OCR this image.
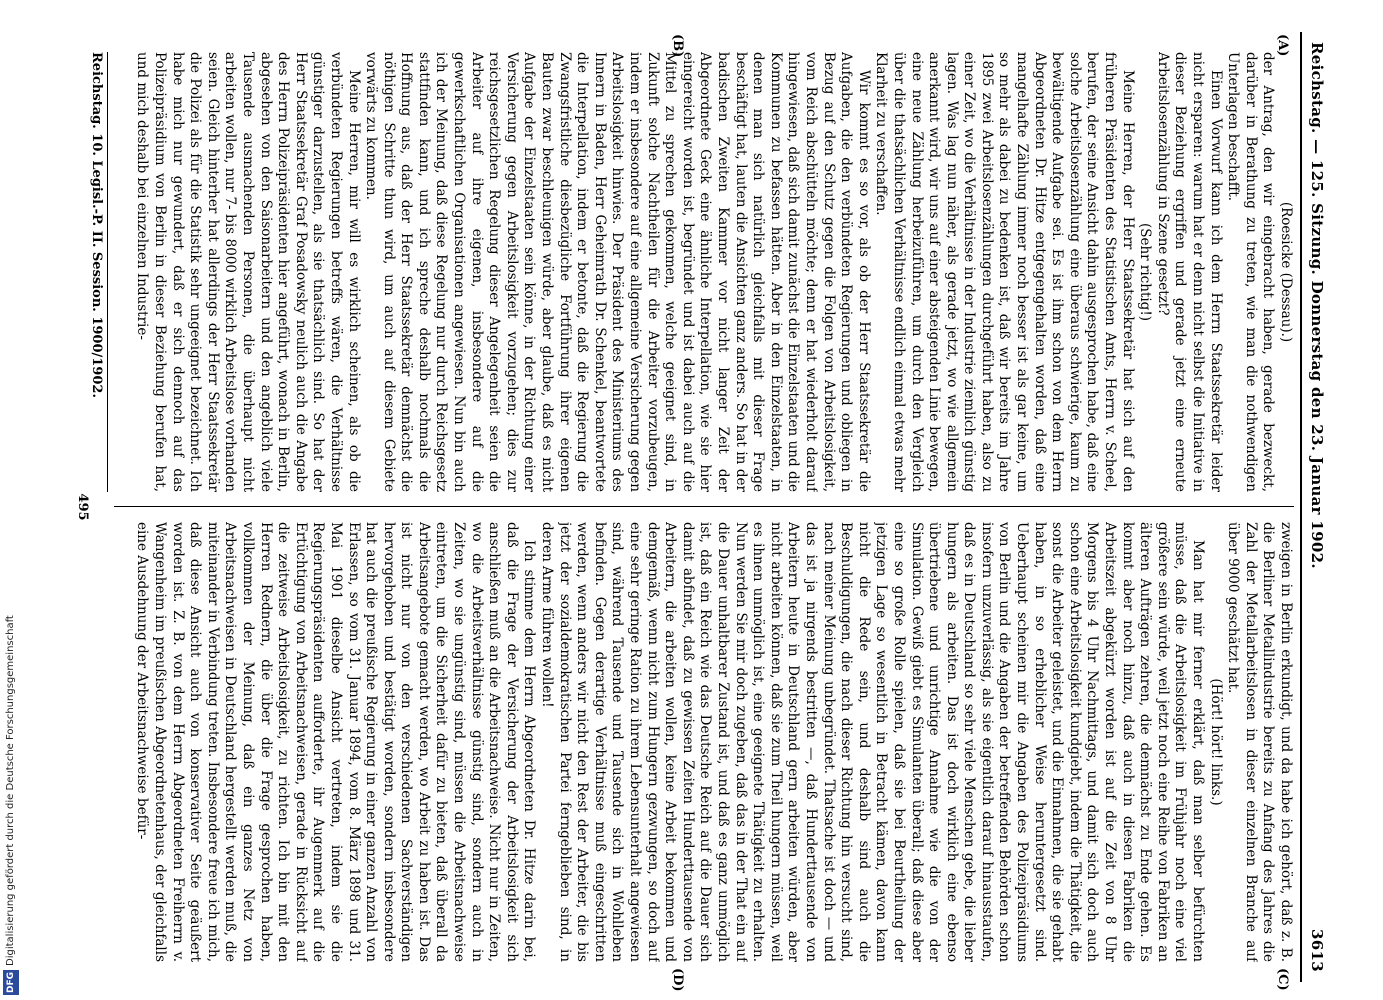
DFGDigitalisierung gefördert durch die Deutsche Forschungsgemeinschaft
Reichstag. — 125. Sitzung. Donnerstag den 23. Januar 1902.
3613
(A)
(B)
(C)
(D)

(Roesicke (Dessau).)

der Antrag, den wir eingebracht haben, gerade bezweckt, darüber in Berathung zu treten, wie man die nothwendigen Unterlagen beschafft.

Einen Vorwurf kann ich dem Herrn Staatssekretär leider nicht ersparen: warum hat er denn nicht selbst die Initiative in dieser Beziehung ergriffen und gerade jetzt eine erneute Arbeitslosenzählung in Szene gesetzt?

(Sehr richtig!)

Meine Herren, der Herr Staatssekretär hat sich auf den früheren Präsidenten des Statistischen Amts, Herrn v. Scheel, berufen, der seine Ansicht dahin ausgesprochen habe, daß eine solche Arbeitslosenzählung eine überaus schwierige, kaum zu bewältigende Aufgabe sei. Es ist ihm schon von dem Herrn Abgeordneten Dr. Hitze entgegengehalten worden, daß eine mangelhafte Zählung immer noch besser ist als gar keine, um so mehr als dabei zu bedenken ist, daß wir bereits im Jahre 1895 zwei Arbeitslosenzählungen durchgeführt haben, also zu einer Zeit, wo die Verhältnisse in der Industrie ziemlich günstig lagen. Was lag nun näher, als gerade jetzt, wo wie allgemein anerkannt wird, wir uns auf einer absteigenden Linie bewegen, eine neue Zählung herbeizuführen, um durch den Vergleich über die thatsächlichen Verhältnisse endlich einmal etwas mehr Klarheit zu verschaffen.

Wir kommt es so vor, als ob der Herr Staatssekretär die Aufgaben, die den verbündeten Regierungen und obliegen in Bezug auf den Schutz gegen die Folgen von Arbeitslosigkeit, vom Reich abschütteln möchte; denn er hat wiederholt darauf hingewiesen, daß sich damit zunächst die Einzelstaaten und die Kommunen zu befassen hätten. Aber in den Einzelstaaten, in denen man sich natürlich gleichfalls mit dieser Frage beschäftigt hat, lauten die Ansichten ganz anders. So hat in der badischen Zweiten Kammer vor nicht langer Zeit der Abgeordnete Geck eine ähnliche Interpellation, wie sie hier eingereicht worden ist, begründet und ist dabei auch auf die Mittel zu sprechen gekommen, welche geeignet sind, in Zukunft solche Nachtheilen für die Arbeiter vorzubeugen, indem er insbesondere auf eine allgemeine Versicherung gegen Arbeitslosigkeit hinwies. Der Präsident des Ministeriums des Innern in Baden, Herr Geheimrath Dr. Schenkel, beantwortete die Interpellation, indem er betonte, daß die Regierung die Zwangsfristliche diesbezügliche Fortführung ihrer eigenen Bauten zwar beschleunigen würde, aber glaube, daß es nicht Aufgabe der Einzelstaaten sein könne, in der Richtung einer Versicherung gegen Arbeitslosigkeit vorzugehen; dies zur reichsgesetzlichen Regelung dieser Angelegenheit seien die Arbeiter auf ihre eigenen, insbesondere auf die gewerkschaftlichen Organisationen angewiesen. Nun bin auch ich der Meinung, daß diese Regelung nur durch Reichsgesetz stattfinden kann, und ich spreche deshalb nochmals die Hoffnung aus, daß der Herr Staatssekretär demnächst die nöthigen Schritte thun wird, um auch auf diesem Gebiete vorwärts zu kommen.

Meine Herren, mir will es wirklich scheinen, als ob die verbündeten Regierungen betreffs wären, die Verhältnisse günstiger darzustellen, als sie thatsächlich sind. So hat der Herr Staatssekretär Graf Posadowsky neulich auch die Angabe des Herrn Polizeipräsidenten hier angeführt, wonach in Berlin, abgesehen von den Saisonarbeitern und den angeblich viele Tausende ausmachenden Personen, die überhaupt nicht arbeiten wollen, nur 7- bis 8000 wirklich Arbeitslose vorhanden seien. Gleich hinterher hat allerdings der Herr Staatssekretär die Polizei als für die Statistik sehr ungeeignet bezeichnet. Ich habe mich nur gewundert, daß er sich dennoch auf das Polizeipräsidium von Berlin in dieser Beziehung berufen hat, und mich deshalb bei einzelnen Industrie-

zweigen in Berlin erkundigt, und da habe ich gehört, daß z. B. die Berliner Metallindustrie bereits zu Anfang des Jahres die Zahl der Metallarbeitslosen in dieser einzelnen Branche auf über 9000 geschätzt hat.

(Hört! hört! links.)

Man hat mir ferner erklärt, daß man selber befürchten müsse, daß die Arbeitslosigkeit im Frühjahr noch eine viel größere sein würde, weil jetzt noch eine Reihe von Fabriken an älteren Aufträgen zehren, die demnächst zu Ende gehen. Es kommt aber noch hinzu, daß auch in diesen Fabriken die Arbeitszeit abgekürzt worden ist auf die Zeit von 8 Uhr Morgens bis 4 Uhr Nachmittags, und damit sich doch auch schon eine Arbeitslosigkeit kundgiebt, indem die Thätigkeit, die sonst die Arbeiter geleistet, und die Einnahmen, die sie gehabt haben, in so erheblicher Weise heruntergesetzt sind. Ueberhaupt scheinen mir die Angaben des Polizeipräsidiums von Berlin und die Angaben der betreffenden Behörden schon insofern unzuverlässig, als sie eigentlich darauf hinausstaufen, daß es in Deutschland so sehr viele Menschen gebe, die lieber hungern als arbeiten. Das ist doch wirklich eine ebenso übertriebene und unrichtige Annahme wie die von der Simulation. Gewiß giebt es Simulanten überall; daß diese aber eine so große Rolle spielen, daß sie bei Beurtheilung der jetzigen Lage so wesentlich in Betracht kämen, davon kann nicht die Rede sein, und deshalb sind auch die Beschuldigungen, die nach dieser Richtung hin versucht sind, nach meiner Meinung unbegründet. Thatsache ist doch — und das ist ja nirgends bestritten —, daß Hunderttausende von Arbeitern heute in Deutschland gern arbeiten würden, aber nicht arbeiten können, daß sie zum Theil hungern müssen, weil es ihnen unmöglich ist, eine geeignete Thätigkeit zu erhalten. Nun werden Sie mir doch zugeben, daß das in der That ein auf die Dauer unhaltbarer Zustand ist, und daß es ganz unmöglich ist, daß ein Reich wie das Deutsche Reich auf die Dauer sich damit abfindet, daß zu gewissen Zeiten Hunderttausende von Arbeitern, die arbeiten wollen, keine Arbeit bekommen und demgemäß, wenn nicht zum Hungern gezwungen, so doch auf eine sehr geringe Ration zu ihrem Lebensunterhalt angewiesen sind, während Tausende und Tausende sich in Wohlleben befinden. Gegen derartige Verhältnisse muß eingeschritten werden, wenn anders wir nicht den Rest der Arbeiter, die bis jetzt der sozialdemokratischen Partei ferngeblieben sind, in deren Arme führen wollen!

Ich stimme dem Herrn Abgeordneten Dr. Hitze darin bei, daß die Frage der Versicherung der Arbeitslosigkeit sich anschließen muß an die Arbeitsnachweise. Nicht nur in Zeiten, wo die Arbeitsverhältnisse günstig sind, sondern auch in Zeiten, wo sie ungünstig sind, müssen die Arbeitsnachweise eintreten, um die Sicherheit dafür zu bieten, daß überall da Arbeitsangebote gemacht werden, wo Arbeit zu haben ist. Das ist nicht nur von den verschiedenen Sachverständigen hervorgehoben und bestätigt worden, sondern insbesondere hat auch die preußische Regierung in einer ganzen Anzahl von Erlassen, so vom 31. Januar 1894, vom 8. März 1898 und 31. Mai 1901 dieselbe Ansicht vertreten, indem sie die Regierungspräsidenten aufforderte, ihr Augenmerk auf die Ertüchtigung von Arbeitsnachweisen, gerade in Rücksicht auf die zeitweise Arbeitslosigkeit, zu richten. Ich bin mit den Herren Rednern, die über die Frage gesprochen haben, vollkommen der Meinung, daß ein ganzes Netz von Arbeitsnachweisen in Deutschland hergestellt werden muß, die miteinander in Verbindung treten. Insbesondere freue ich mich, daß diese Ansicht auch von konservativer Seite geäußert worden ist. Z. B. von dem Herrn Abgeordneten Freiherrn v. Wangenheim im preußischen Abgeordnetenhaus, der gleichfalls eine Ausdehnung der Arbeitsnachweise befür-

Reichstag. 10. Legisl.-P. II. Session. 1900/1902.
495
